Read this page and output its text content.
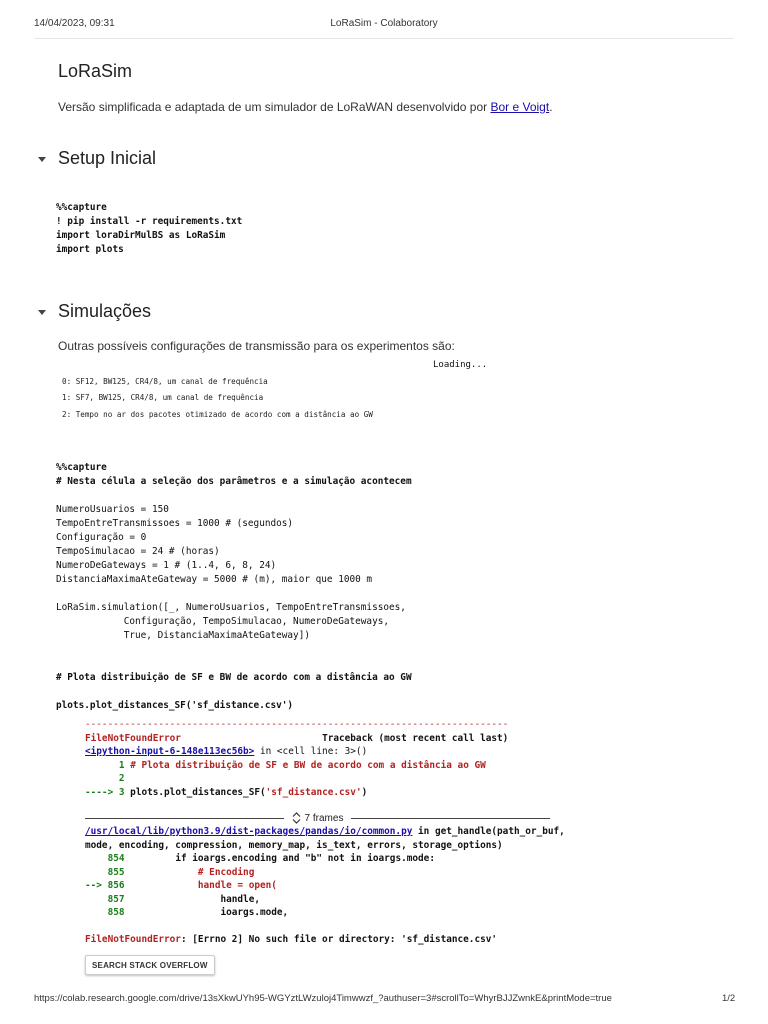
14/04/2023, 09:31	LoRaSim - Colaboratory
LoRaSim
Versão simplificada e adaptada de um simulador de LoRaWAN desenvolvido por Bor e Voigt.
Setup Inicial
%%capture
! pip install -r requirements.txt
import loraDirMulBS as LoRaSim
import plots
Simulações
Outras possíveis configurações de transmissão para os experimentos são:
Loading...
0: SF12, BW125, CR4/8, um canal de frequência
1: SF7, BW125, CR4/8, um canal de frequência
2: Tempo no ar dos pacotes otimizado de acordo com a distância ao GW
%%capture
# Nesta célula a seleção dos parâmetros e a simulação acontecem
NumeroUsuarios = 150
TempoEntreTransmissoes = 1000 # (segundos)
Configuração = 0
TempoSimulacao = 24 # (horas)
NumeroDeGateways = 1 # (1..4, 6, 8, 24)
DistanciaMaximaAteGateway = 5000 # (m), maior que 1000 m
LoRaSim.simulation([_, NumeroUsuarios, TempoEntreTransmissoes,
Configuração, TempoSimulacao, NumeroDeGateways,
True, DistanciaMaximaAteGateway])
# Plota distribuição de SF e BW de acordo com a distância ao GW
plots.plot_distances_SF('sf_distance.csv')
---------------------------------------------------------------------------
FileNotFoundError	Traceback (most recent call last)
<ipython-input-6-148e113ec56b> in <cell line: 3>()
1 # Plota distribuição de SF e BW de acordo com a distância ao GW
2
----> 3 plots.plot_distances_SF('sf_distance.csv')
7 frames
/usr/local/lib/python3.9/dist-packages/pandas/io/common.py in get_handle(path_or_buf,
mode, encoding, compression, memory_map, is_text, errors, storage_options)
854	if ioargs.encoding and "b" not in ioargs.mode:
855	# Encoding
--> 856	handle = open(
857	handle,
858	ioargs.mode,

FileNotFoundError: [Errno 2] No such file or directory: 'sf_distance.csv'
SEARCH STACK OVERFLOW
https://colab.research.google.com/drive/13sXkwUYh95-WGYztLWzuloj4Timwwzf_?authuser=3#scrollTo=WhyrBJJZwnkE&printMode=true	1/2
